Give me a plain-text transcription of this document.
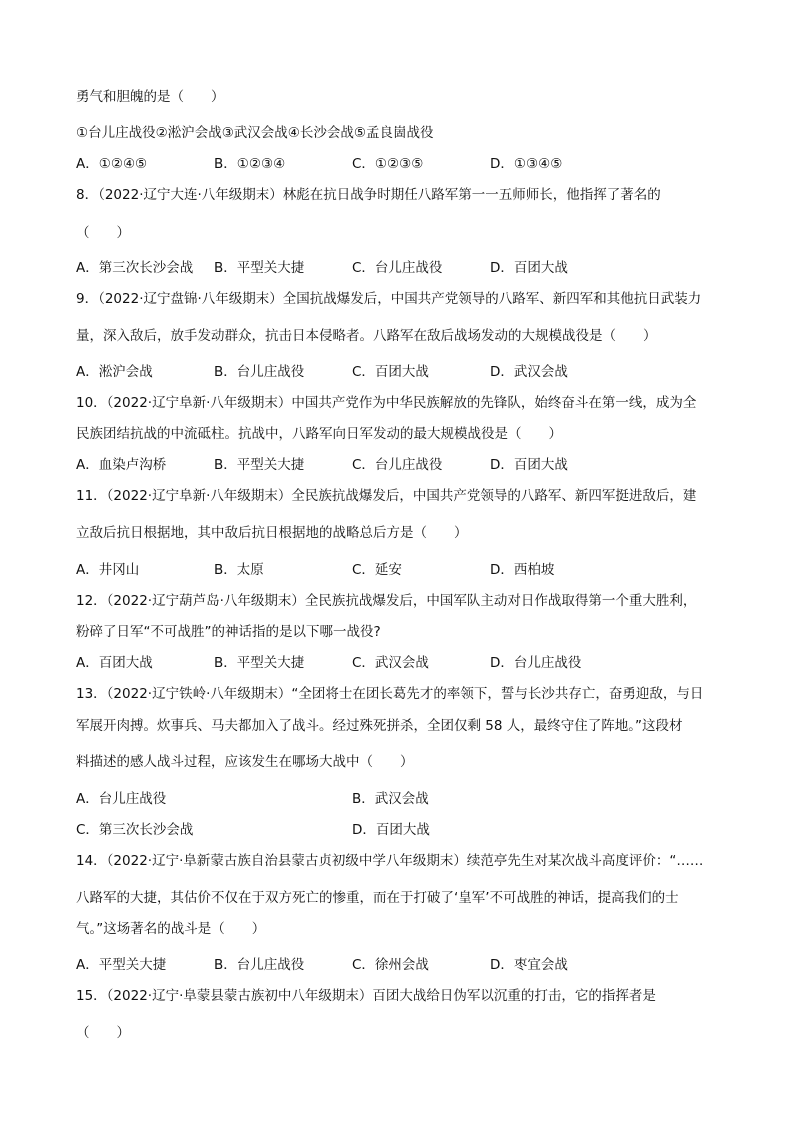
勇气和胆魄的是（　　）
①台儿庄战役②淞沪会战③武汉会战④长沙会战⑤孟良崮战役
A．①②④⑤	B．①②③④	C．①②③⑤	D．①③④⑤
8．（2022·辽宁大连·八年级期末）林彪在抗日战争时期任八路军第一一五师师长，他指挥了著名的
（　　）
A．第三次长沙会战 B．平型关大捷	C．台儿庄战役	D．百团大战
9．（2022·辽宁盘锦·八年级期末）全国抗战爆发后，中国共产党领导的八路军、新四军和其他抗日武装力
量，深入敌后，放手发动群众，抗击日本侵略者。八路军在敌后战场发动的大规模战役是（　　）
A．淞沪会战	B．台儿庄战役	C．百团大战	D．武汉会战
10．（2022·辽宁阜新·八年级期末）中国共产党作为中华民族解放的先锋队，始终奋斗在第一线，成为全
民族团结抗战的中流砥柱。抗战中，八路军向日军发动的最大规模战役是（　　）
A．血染卢沟桥	B．平型关大捷	C．台儿庄战役	D．百团大战
11．（2022·辽宁阜新·八年级期末）全民族抗战爆发后，中国共产党领导的八路军、新四军挺进敌后，建
立敌后抗日根据地，其中敌后抗日根据地的战略总后方是（　　）
A．井冈山	B．太原	C．延安	D．西柏坡
12．（2022·辽宁葫芦岛·八年级期末）全民族抗战爆发后，中国军队主动对日作战取得第一个重大胜利，
粉碎了日军“不可战胜”的神话指的是以下哪一战役?
A．百团大战	B．平型关大捷	C．武汉会战	D．台儿庄战役
13．（2022·辽宁铁岭·八年级期末）“全团将士在团长葛先才的率领下，誓与长沙共存亡，奋勇迎敌，与日
军展开肉搏。炊事兵、马夫都加入了战斗。经过殊死拼杀，全团仅剩 58 人，最终守住了阵地。”这段材
料描述的感人战斗过程，应该发生在哪场大战中（　　）
A．台儿庄战役	B．武汉会战
C．第三次长沙会战	D．百团大战
14．（2022·辽宁·阜新蒙古族自治县蒙古贞初级中学八年级期末）续范亭先生对某次战斗高度评价：“……
八路军的大捷，其估价不仅在于双方死亡的惨重，而在于打破了‘皇军’不可战胜的神话，提高我们的士
气。”这场著名的战斗是（　　）
A．平型关大捷	B．台儿庄战役	C．徐州会战	D．枣宜会战
15．（2022·辽宁·阜蒙县蒙古族初中八年级期末）百团大战给日伪军以沉重的打击，它的指挥者是
（　　）
